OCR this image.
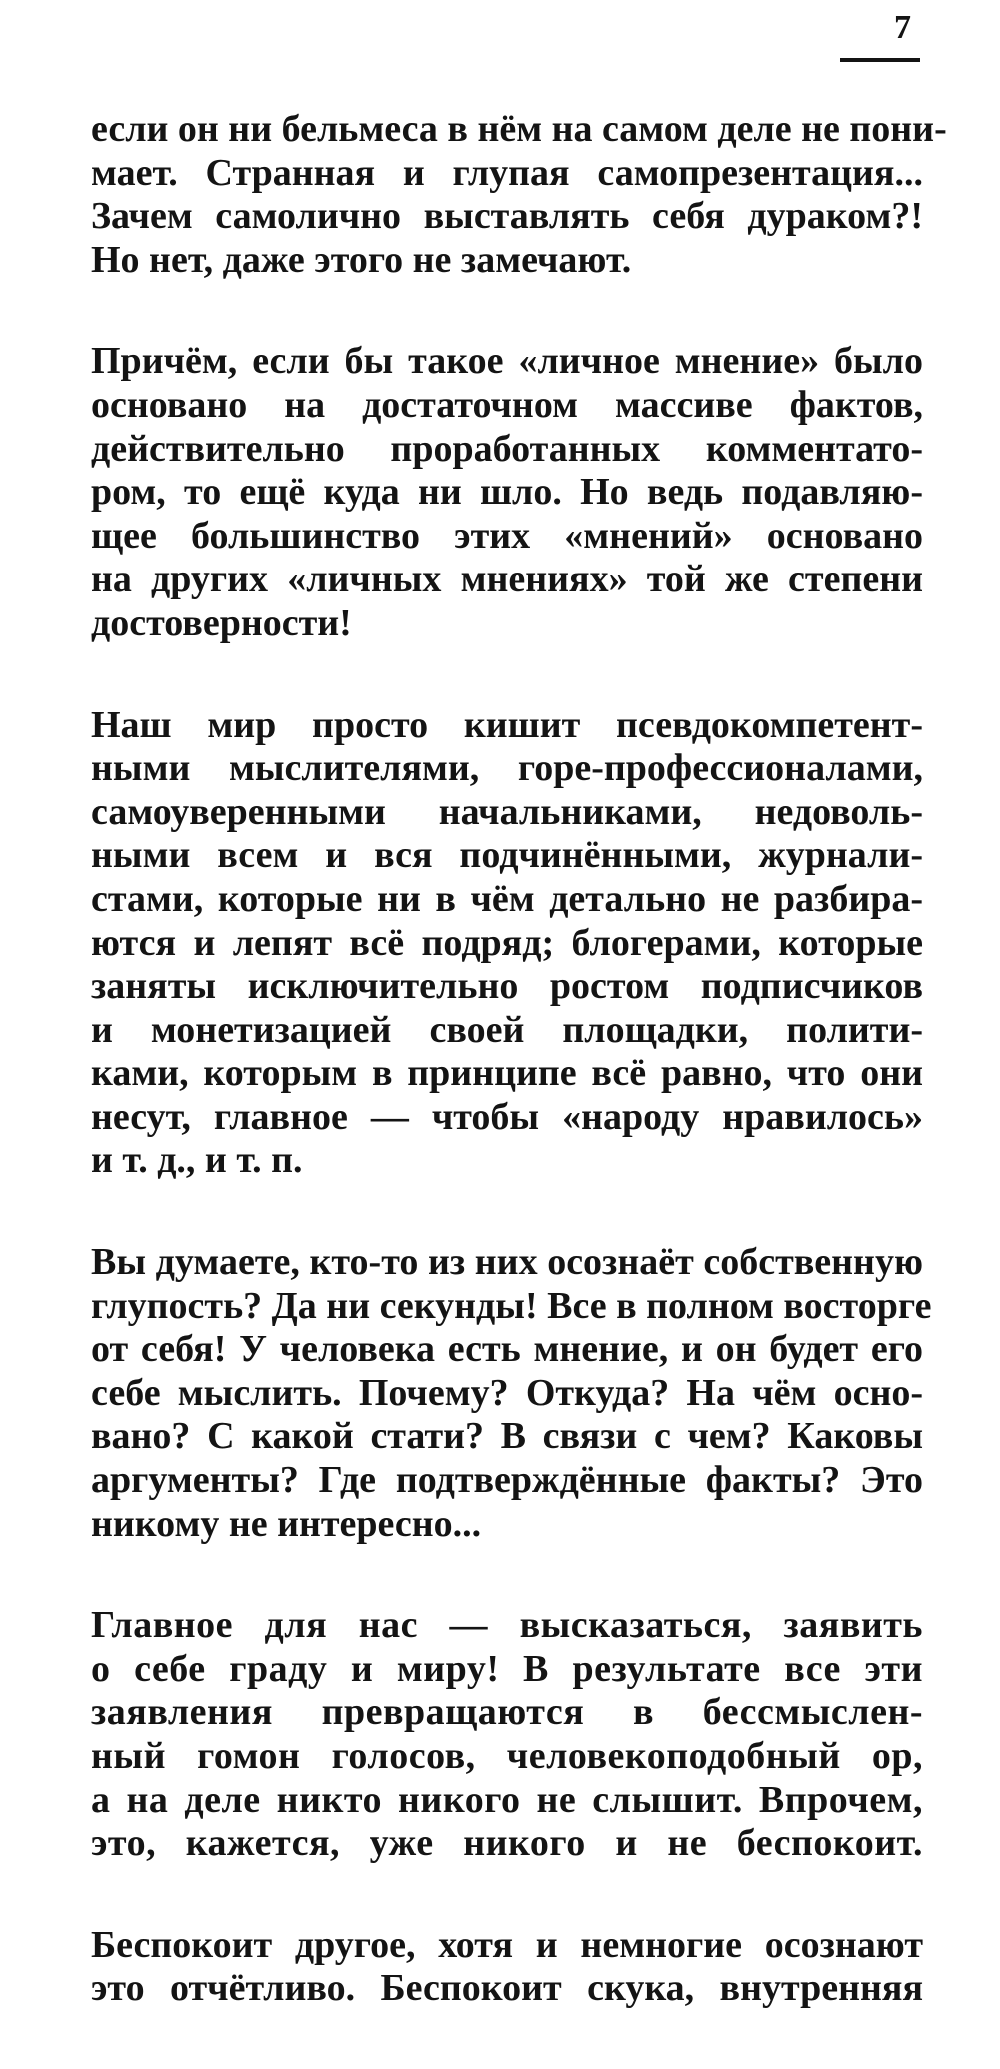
7
если он ни бельмеса в нём на самом деле не пони-
мает. Странная и глупая самопрезентация...
Зачем самолично выставлять себя дураком?!
Но нет, даже этого не замечают.
Причём, если бы такое «личное мнение» было
основано на достаточном массиве фактов,
действительно проработанных комментато-
ром, то ещё куда ни шло. Но ведь подавляю-
щее большинство этих «мнений» основано
на других «личных мнениях» той же степени
достоверности!
Наш мир просто кишит псевдокомпетент-
ными мыслителями, горе-профессионалами,
самоуверенными начальниками, недоволь-
ными всем и вся подчинёнными, журнали-
стами, которые ни в чём детально не разбира-
ются и лепят всё подряд; блогерами, которые
заняты исключительно ростом подписчиков
и монетизацией своей площадки, полити-
ками, которым в принципе всё равно, что они
несут, главное — чтобы «народу нравилось»
и т. д., и т. п.
Вы думаете, кто-то из них осознаёт собственную
глупость? Да ни секунды! Все в полном восторге
от себя! У человека есть мнение, и он будет его
себе мыслить. Почему? Откуда? На чём осно-
вано? С какой стати? В связи с чем? Каковы
аргументы? Где подтверждённые факты? Это
никому не интересно...
Главное для нас — высказаться, заявить
о себе граду и миру! В результате все эти
заявления превращаются в бессмыслен-
ный гомон голосов, человекоподобный ор,
а на деле никто никого не слышит. Впрочем,
это, кажется, уже никого и не беспокоит.
Беспокоит другое, хотя и немногие осознают
это отчётливо. Беспокоит скука, внутренняя
